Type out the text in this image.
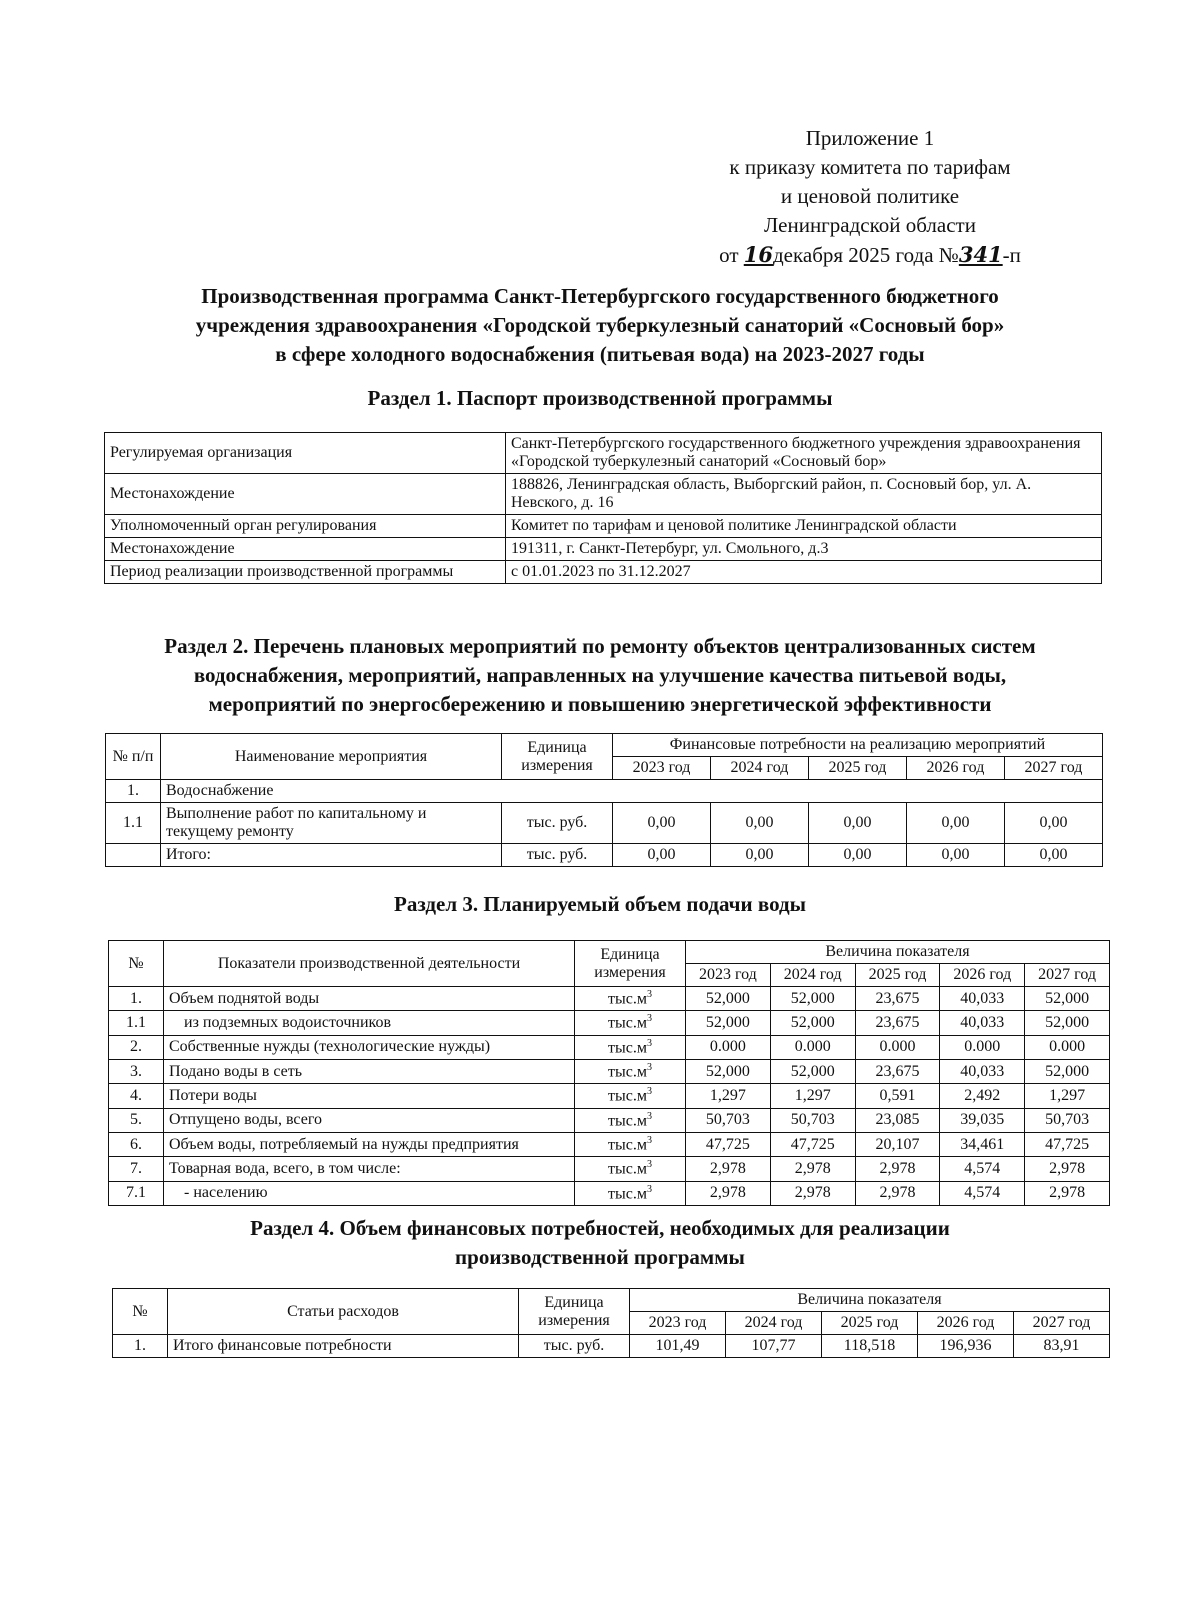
Приложение 1
к приказу комитета по тарифам
и ценовой политике
Ленинградской области
от 16декабря 2025 года №341-п
Производственная программа Санкт-Петербургского государственного бюджетного
учреждения здравоохранения «Городской туберкулезный санаторий «Сосновый бор»
в сфере холодного водоснабжения (питьевая вода) на 2023-2027 годы
Раздел 1. Паспорт производственной программы
Регулируемая организация	Санкт-Петербургского государственного бюджетного учреждения здравоохранения «Городской туберкулезный санаторий «Сосновый бор»
Местонахождение	188826, Ленинградская область, Выборгский район, п. Сосновый бор, ул. А. Невского, д. 16
Уполномоченный орган регулирования	Комитет по тарифам и ценовой политике Ленинградской области
Местонахождение	191311, г. Санкт-Петербург, ул. Смольного, д.3
Период реализации производственной программы	с 01.01.2023 по 31.12.2027
Раздел 2. Перечень плановых мероприятий по ремонту объектов централизованных систем
водоснабжения, мероприятий, направленных на улучшение качества питьевой воды,
мероприятий по энергосбережению и повышению энергетической эффективности
№ п/п	Наименование мероприятия	Единица измерения	Финансовые потребности на реализацию мероприятий				
			2023 год	2024 год	2025 год	2026 год	2027 год
1.	Водоснабжение						
1.1	Выполнение работ по капитальному и текущему ремонту	тыс. руб.	0,00	0,00	0,00	0,00	0,00
	Итого:	тыс. руб.	0,00	0,00	0,00	0,00	0,00
Раздел 3. Планируемый объем подачи воды
№	Показатели производственной деятельности	Единица измерения	Величина показателя				
			2023 год	2024 год	2025 год	2026 год	2027 год
1.	Объем поднятой воды	$тыс.м^3$	52,000	52,000	23,675	40,033	52,000
1.1	из подземных водоисточников	$тыс.м^3$	52,000	52,000	23,675	40,033	52,000
2.	Собственные нужды (технологические нужды)	$тыс.м^3$	0.000	0.000	0.000	0.000	0.000
3.	Подано воды в сеть	$тыс.м^3$	52,000	52,000	23,675	40,033	52,000
4.	Потери воды	$тыс.м^3$	1,297	1,297	0,591	2,492	1,297
5.	Отпущено воды, всего	$тыс.м^3$	50,703	50,703	23,085	39,035	50,703
6.	Объем воды, потребляемый на нужды предприятия	$тыс.м^3$	47,725	47,725	20,107	34,461	47,725
7.	Товарная вода, всего, в том числе:	$тыс.м^3$	2,978	2,978	2,978	4,574	2,978
7.1	- населению	$тыс.м^3$	2,978	2,978	2,978	4,574	2,978
Раздел 4. Объем финансовых потребностей, необходимых для реализации
производственной программы
№	Статьи расходов	Единица измерения	Величина показателя				
			2023 год	2024 год	2025 год	2026 год	2027 год
1.	Итого финансовые потребности	тыс. руб.	101,49	107,77	118,518	196,936	83,91
